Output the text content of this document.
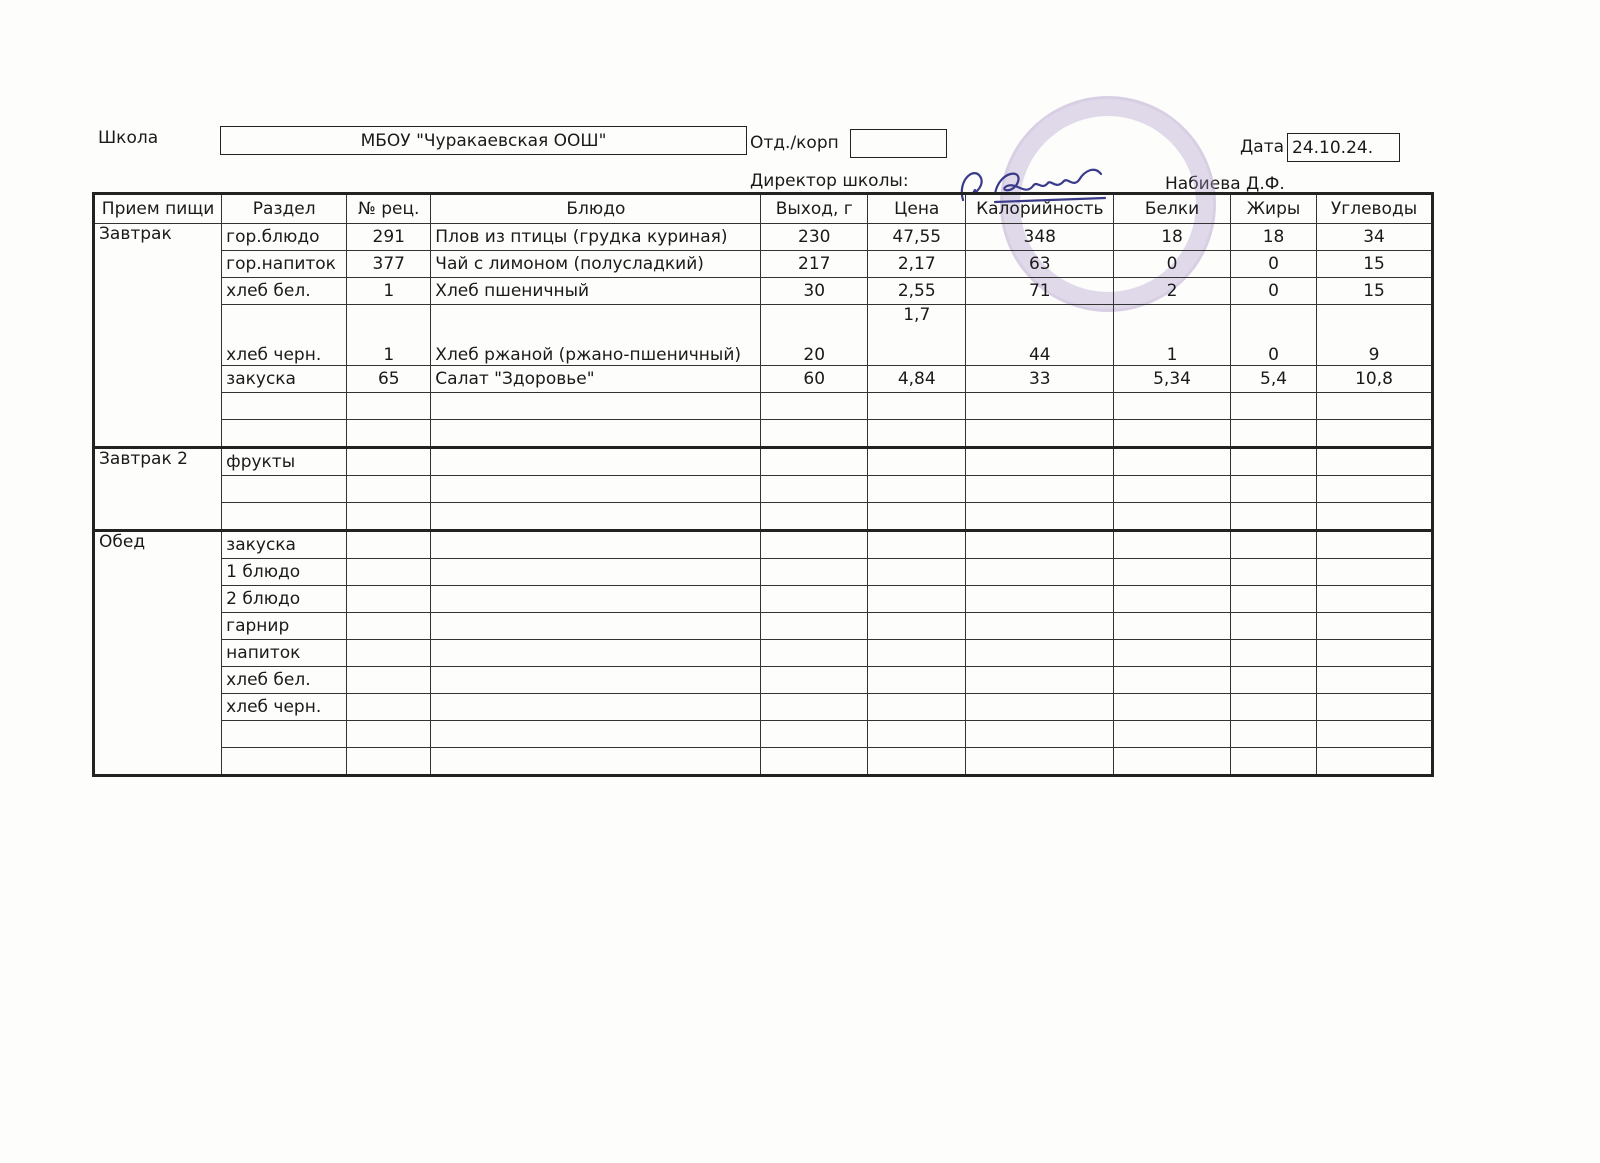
Школа	МБОУ "Чуракаевская ООШ"	Отд./корп	Дата 24.10.24.
Директор школы:	Набиева Д.Ф.
Прием пищи	Раздел	№ рец.	Блюдо	Выход, г	Цена	Калорийность	Белки	Жиры	Углеводы
Завтрак	гор.блюдо	291	Плов из птицы (грудка куриная)	230	47,55	348	18	18	34
	гор.напиток	377	Чай с лимоном (полусладкий)	217	2,17	63	0	0	15
	хлеб бел.	1	Хлеб пшеничный	30	2,55	71	2	0	15
	хлеб черн.	1	Хлеб ржаной (ржано-пшеничный)	20	1,7	44	1	0	9
	закуска	65	Салат "Здоровье"	60	4,84	33	5,34	5,4	10,8

Завтрак 2	фрукты								

Обед	закуска								
	1 блюдо								
	2 блюдо								
	гарнир								
	напиток								
	хлеб бел.								
	хлеб черн.								
